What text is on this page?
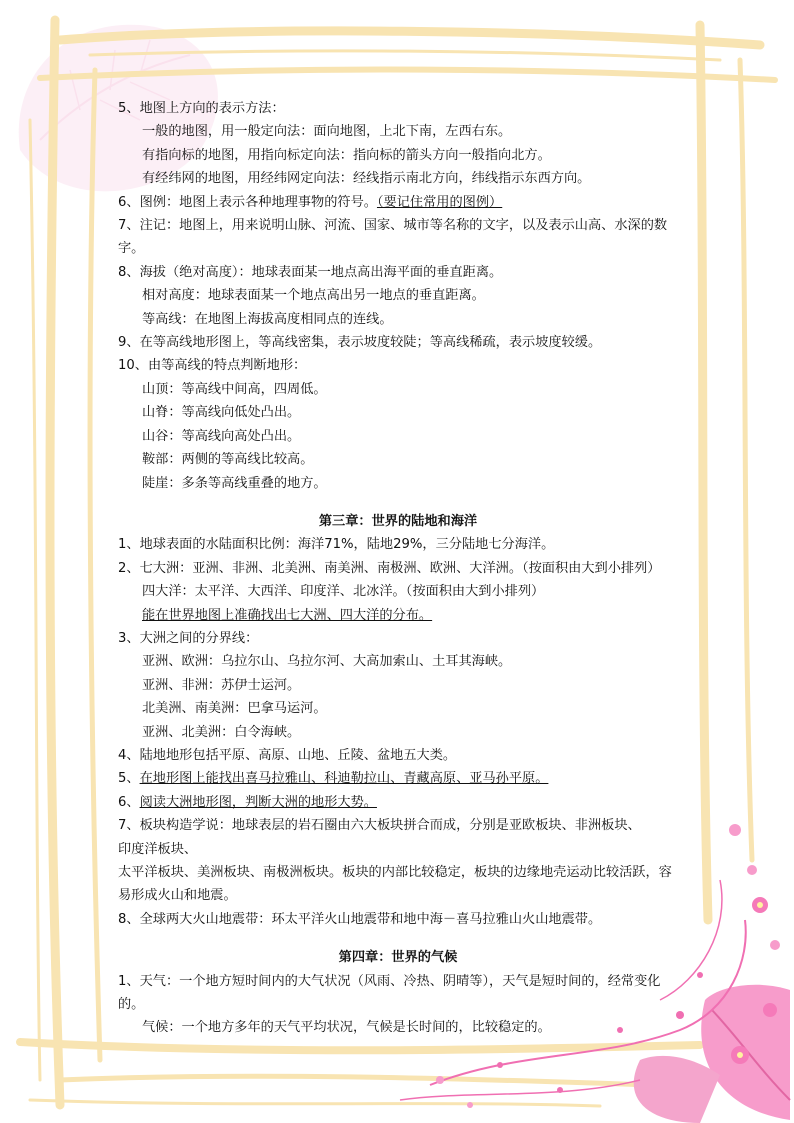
5、地图上方向的表示方法：
一般的地图，用一般定向法：面向地图，上北下南，左西右东。
有指向标的地图，用指向标定向法：指向标的箭头方向一般指向北方。
有经纬网的地图，用经纬网定向法：经线指示南北方向，纬线指示东西方向。
6、图例：地图上表示各种地理事物的符号。（要记住常用的图例）
7、注记：地图上，用来说明山脉、河流、国家、城市等名称的文字，以及表示山高、水深的数字。
8、海拔（绝对高度）：地球表面某一地点高出海平面的垂直距离。
相对高度：地球表面某一个地点高出另一地点的垂直距离。
等高线：在地图上海拔高度相同点的连线。
9、在等高线地形图上，等高线密集，表示坡度较陡；等高线稀疏，表示坡度较缓。
10、由等高线的特点判断地形：
山顶：等高线中间高，四周低。
山脊：等高线向低处凸出。
山谷：等高线向高处凸出。
鞍部：两侧的等高线比较高。
陡崖：多条等高线重叠的地方。
第三章：世界的陆地和海洋
1、地球表面的水陆面积比例：海洋71%，陆地29%，三分陆地七分海洋。
2、七大洲：亚洲、非洲、北美洲、南美洲、南极洲、欧洲、大洋洲。（按面积由大到小排列）
四大洋：太平洋、大西洋、印度洋、北冰洋。（按面积由大到小排列）
能在世界地图上准确找出七大洲、四大洋的分布。
3、大洲之间的分界线：
亚洲、欧洲：乌拉尔山、乌拉尔河、大高加索山、土耳其海峡。
亚洲、非洲：苏伊士运河。
北美洲、南美洲：巴拿马运河。
亚洲、北美洲：白令海峡。
4、陆地地形包括平原、高原、山地、丘陵、盆地五大类。
5、在地形图上能找出喜马拉雅山、科迪勒拉山、青藏高原、亚马孙平原。
6、阅读大洲地形图，判断大洲的地形大势。
7、板块构造学说：地球表层的岩石圈由六大板块拼合而成，分别是亚欧板块、非洲板块、
印度洋板块、
太平洋板块、美洲板块、南极洲板块。板块的内部比较稳定，板块的边缘地壳运动比较活跃，容易形成火山和地震。
8、全球两大火山地震带：环太平洋火山地震带和地中海－喜马拉雅山火山地震带。
第四章：世界的气候
1、天气：一个地方短时间内的大气状况（风雨、冷热、阴晴等），天气是短时间的，经常变化的。
气候：一个地方多年的天气平均状况，气候是长时间的，比较稳定的。
